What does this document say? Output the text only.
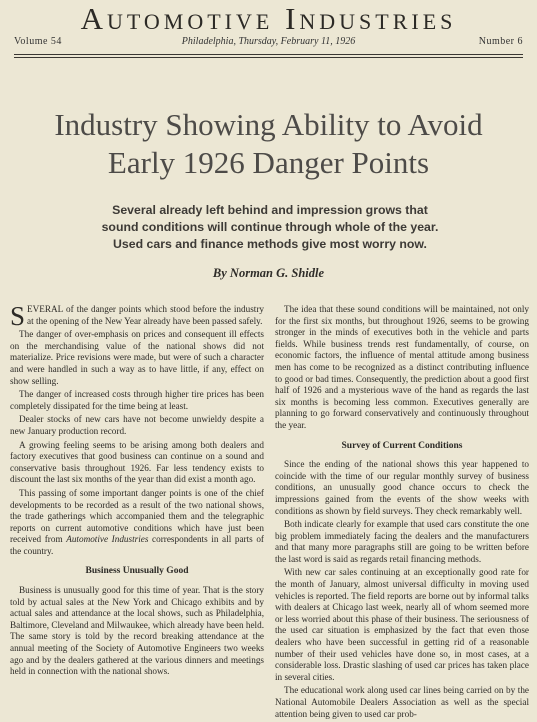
Automotive Industries
Volume 54	Philadelphia, Thursday, February 11, 1926	Number 6
Industry Showing Ability to Avoid
Early 1926 Danger Points
Several already left behind and impression grows that
sound conditions will continue through whole of the year.
Used cars and finance methods give most worry now.
By Norman G. Shidle

SEVERAL of the danger points which stood before the industry at the opening of the New Year already have been passed safely.

The danger of over-emphasis on prices and consequent ill effects on the merchandising value of the national shows did not materialize. Price revisions were made, but were of such a character and were handled in such a way as to have little, if any, effect on show selling.

The danger of increased costs through higher tire prices has been completely dissipated for the time being at least.

Dealer stocks of new cars have not become unwieldy despite a new January production record.

A growing feeling seems to be arising among both dealers and factory executives that good business can continue on a sound and conservative basis throughout 1926. Far less tendency exists to discount the last six months of the year than did exist a month ago.

This passing of some important danger points is one of the chief developments to be recorded as a result of the two national shows, the trade gatherings which accompanied them and the telegraphic reports on current automotive conditions which have just been received from Automotive Industries correspondents in all parts of the country.

Business Unusually Good

Business is unusually good for this time of year. That is the story told by actual sales at the New York and Chicago exhibits and by actual sales and attendance at the local shows, such as Philadelphia, Baltimore, Cleveland and Milwaukee, which already have been held. The same story is told by the record breaking attendance at the annual meeting of the Society of Automotive Engineers two weeks ago and by the dealers gathered at the various dinners and meetings held in connection with the national shows.

The idea that these sound conditions will be maintained, not only for the first six months, but throughout 1926, seems to be growing stronger in the minds of executives both in the vehicle and parts fields. While business trends rest fundamentally, of course, on economic factors, the influence of mental attitude among business men has come to be recognized as a distinct contributing influence to good or bad times. Consequently, the prediction about a good first half of 1926 and a mysterious wave of the hand as regards the last six months is becoming less common. Executives generally are planning to go forward conservatively and continuously throughout the year.

Survey of Current Conditions

Since the ending of the national shows this year happened to coincide with the time of our regular monthly survey of business conditions, an unusually good chance occurs to check the impressions gained from the events of the show weeks with conditions as shown by field surveys. They check remarkably well.

Both indicate clearly for example that used cars constitute the one big problem immediately facing the dealers and the manufacturers and that many more paragraphs still are going to be written before the last word is said as regards retail financing methods.

With new car sales continuing at an exceptionally good rate for the month of January, almost universal difficulty in moving used vehicles is reported. The field reports are borne out by informal talks with dealers at Chicago last week, nearly all of whom seemed more or less worried about this phase of their business. The seriousness of the used car situation is emphasized by the fact that even those dealers who have been successful in getting rid of a reasonable number of their used vehicles have done so, in most cases, at a considerable loss. Drastic slashing of used car prices has taken place in several cities.

The educational work along used car lines being carried on by the National Automobile Dealers Association as well as the special attention being given to used car prob-
